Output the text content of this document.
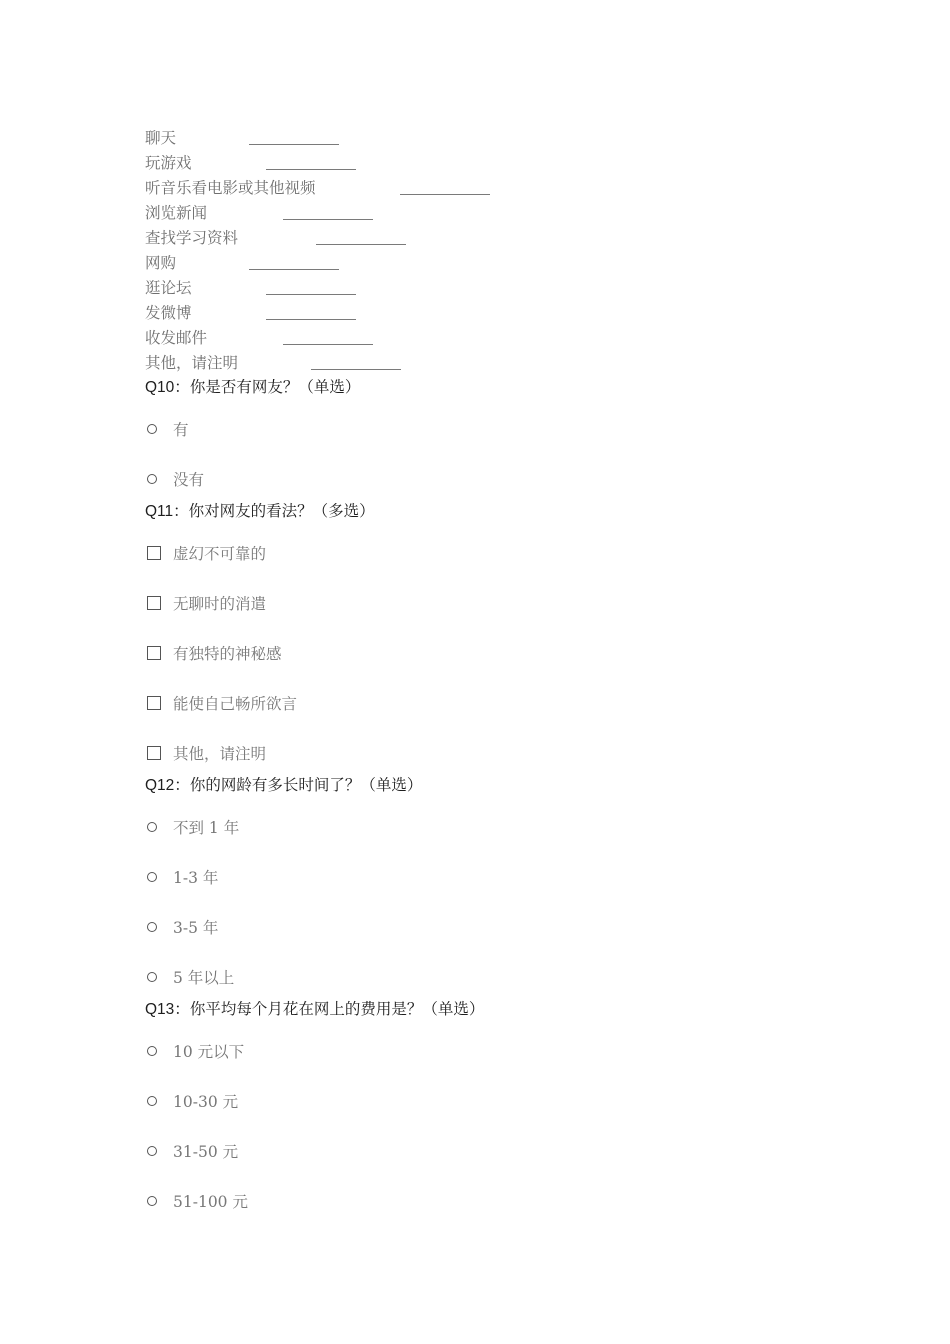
聊天
玩游戏
听音乐看电影或其他视频
浏览新闻
查找学习资料
网购
逛论坛
发微博
收发邮件
其他，请注明
Q10：你是否有网友？（单选）
有
没有
Q11：你对网友的看法？（多选）
虚幻不可靠的
无聊时的消遣
有独特的神秘感
能使自己畅所欲言
其他，请注明
Q12：你的网龄有多长时间了？（单选）
不到 1 年
1-3 年
3-5 年
5 年以上
Q13：你平均每个月花在网上的费用是？（单选）
10 元以下
10-30 元
31-50 元
51-100 元
